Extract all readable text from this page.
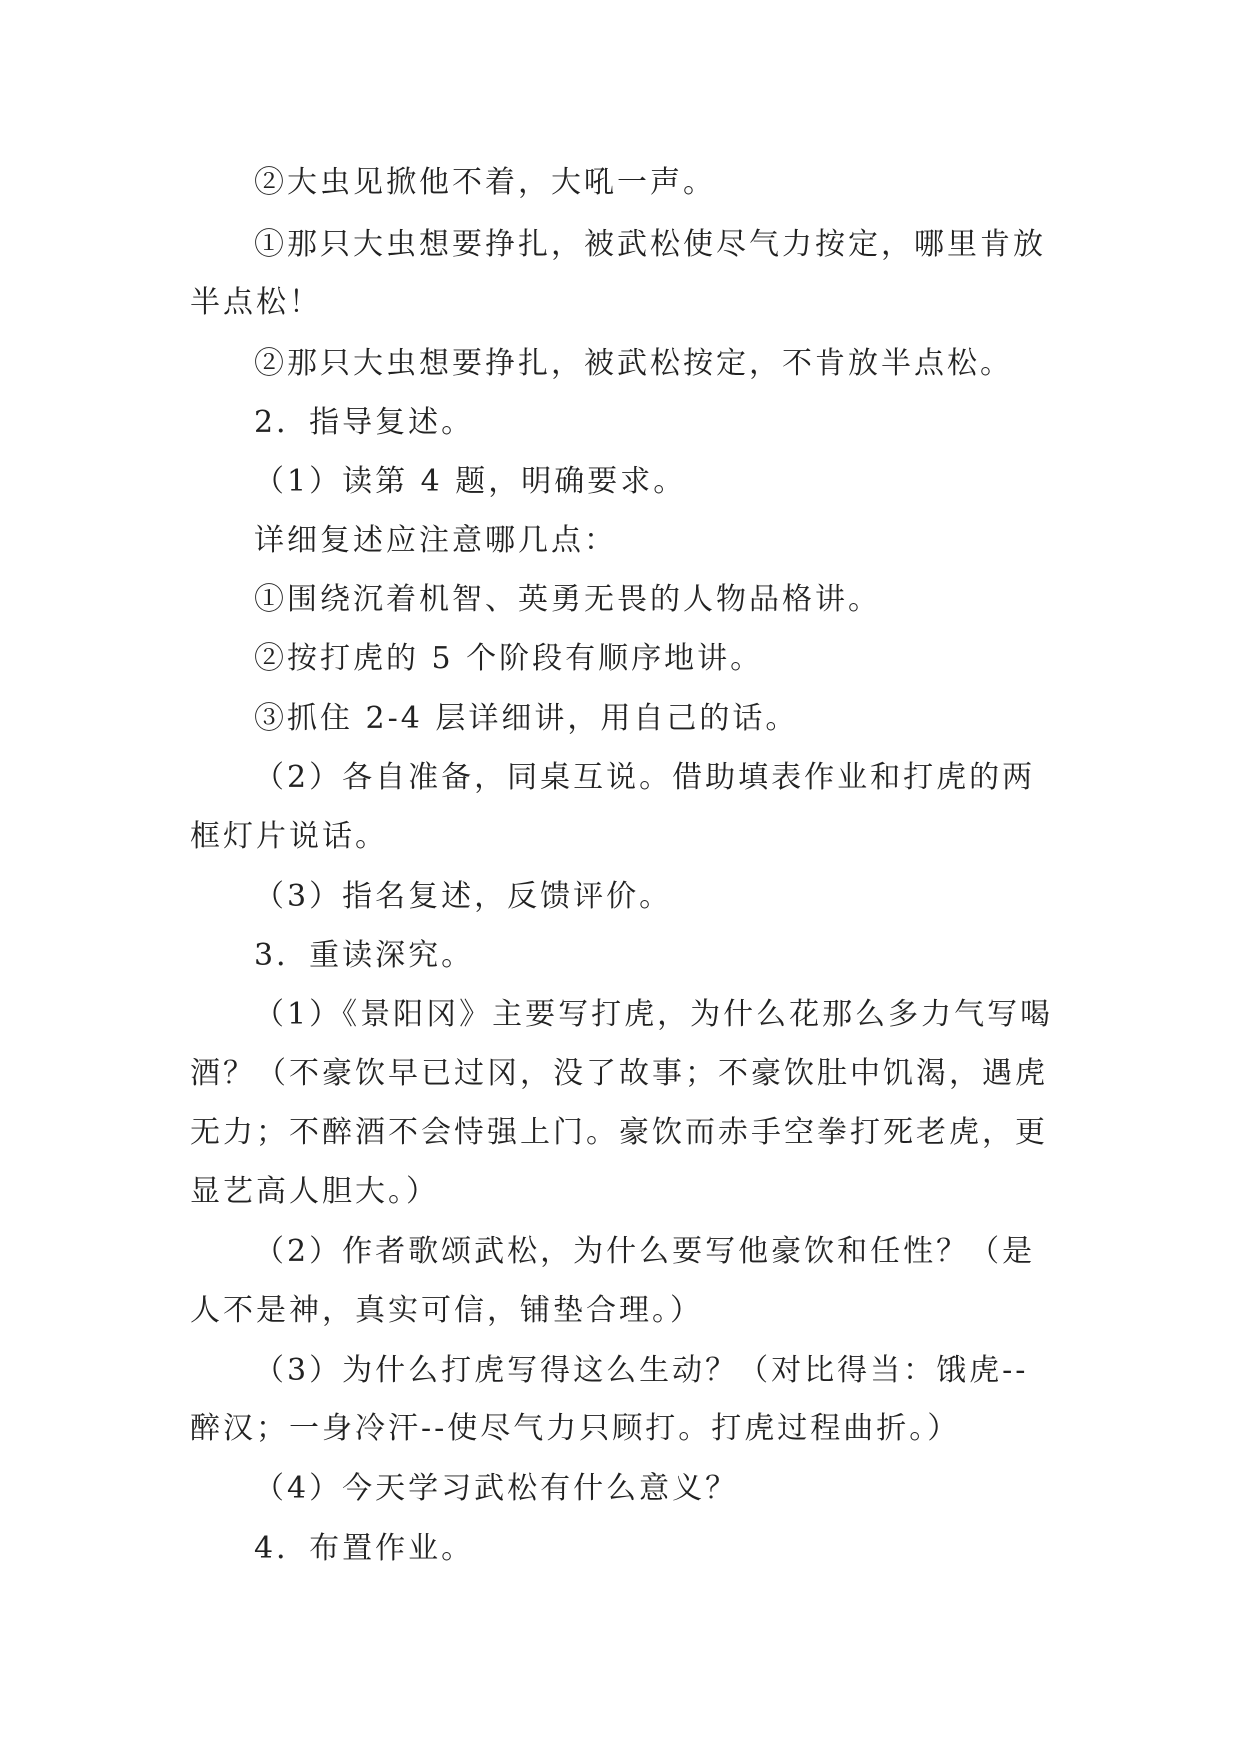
②大虫见掀他不着，大吼一声。
①那只大虫想要挣扎，被武松使尽气力按定，哪里肯放
半点松！
②那只大虫想要挣扎，被武松按定，不肯放半点松。
2．指导复述。
（1）读第 4 题，明确要求。
详细复述应注意哪几点：
①围绕沉着机智、英勇无畏的人物品格讲。
②按打虎的 5 个阶段有顺序地讲。
③抓住 2-4 层详细讲，用自己的话。
（2）各自准备，同桌互说。借助填表作业和打虎的两
框灯片说话。
（3）指名复述，反馈评价。
3．重读深究。
（1）《景阳冈》主要写打虎，为什么花那么多力气写喝
酒？（不豪饮早已过冈，没了故事；不豪饮肚中饥渴，遇虎
无力；不醉酒不会恃强上门。豪饮而赤手空拳打死老虎，更
显艺高人胆大。）
（2）作者歌颂武松，为什么要写他豪饮和任性？（是
人不是神，真实可信，铺垫合理。）
（3）为什么打虎写得这么生动？（对比得当：饿虎--
醉汉；一身冷汗--使尽气力只顾打。打虎过程曲折。）
（4）今天学习武松有什么意义？
4．布置作业。
